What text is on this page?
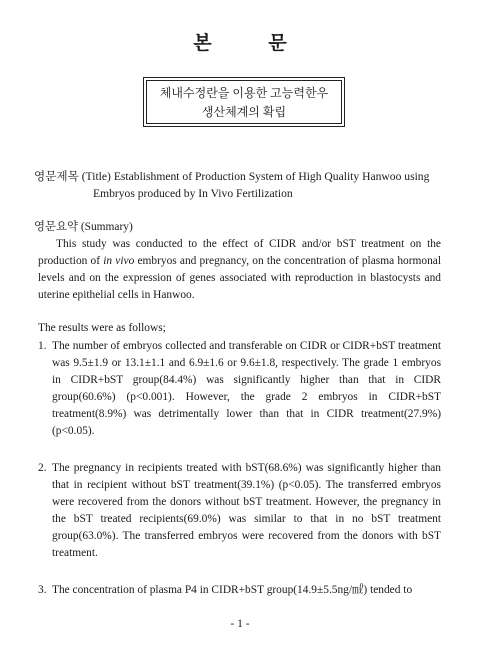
본 문
체내수정란을 이용한 고능력한우
생산체계의 확립
영문제목 (Title) Establishment of Production System of High Quality Hanwoo using
Embryos produced by In Vivo Fertilization
영문요약 (Summary)
This study was conducted to the effect of CIDR and/or bST treatment on the production of in vivo embryos and pregnancy, on the concentration of plasma hormonal levels and on the expression of genes associated with reproduction in blastocysts and uterine epithelial cells in Hanwoo.
The results were as follows;
1. The number of embryos collected and transferable on CIDR or CIDR+bST treatment was 9.5±1.9 or 13.1±1.1 and 6.9±1.6 or 9.6±1.8, respectively. The grade 1 embryos in CIDR+bST group(84.4%) was significantly higher than that in CIDR group(60.6%) (p<0.001). However, the grade 2 embryos in CIDR+bST treatment(8.9%) was detrimentally lower than that in CIDR treatment(27.9%) (p<0.05).
2. The pregnancy in recipients treated with bST(68.6%) was significantly higher than that in recipient without bST treatment(39.1%) (p<0.05). The transferred embryos were recovered from the donors without bST treatment. However, the pregnancy in the bST treated recipients(69.0%) was similar to that in no bST treatment group(63.0%). The transferred embryos were recovered from the donors with bST treatment.
3. The concentration of plasma P4 in CIDR+bST group(14.9±5.5ng/㎖) tended to
- 1 -
